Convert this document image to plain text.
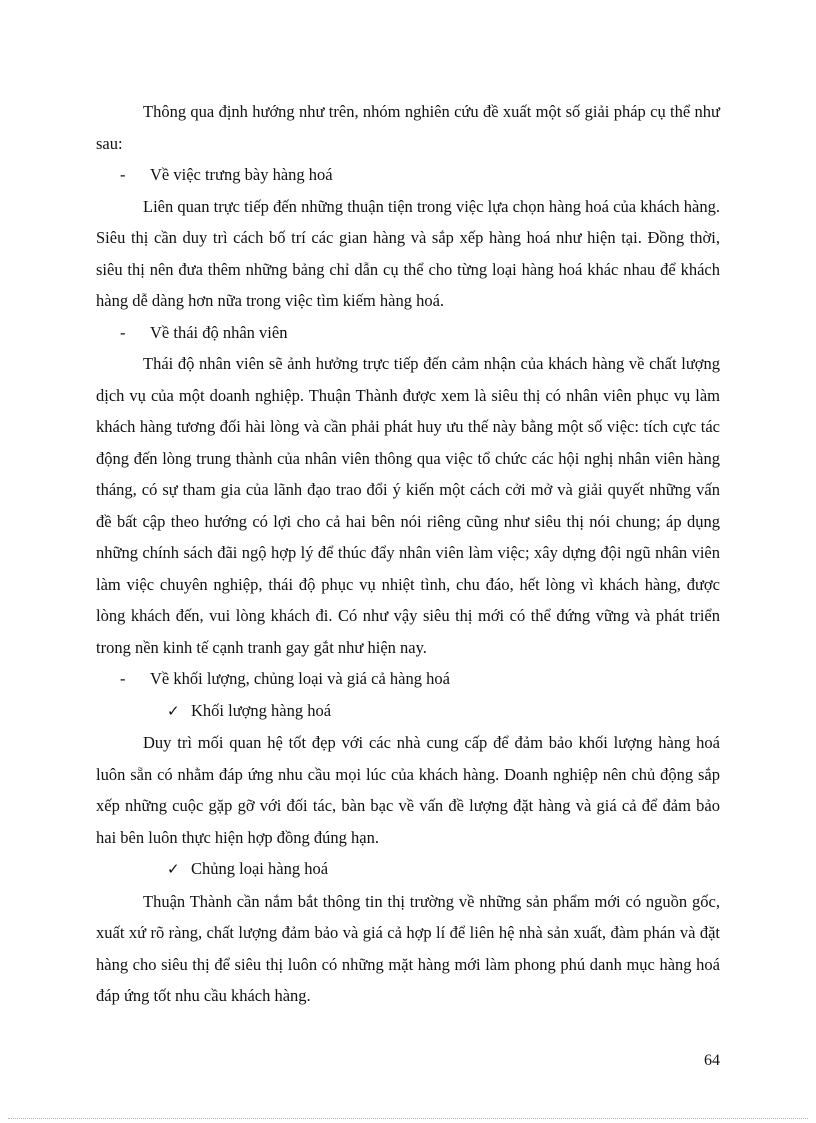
Thông qua định hướng như trên, nhóm nghiên cứu đề xuất một số giải pháp cụ thể như sau:

- Về việc trưng bày hàng hoá

Liên quan trực tiếp đến những thuận tiện trong việc lựa chọn hàng hoá của khách hàng. Siêu thị cần duy trì cách bố trí các gian hàng và sắp xếp hàng hoá như hiện tại. Đồng thời, siêu thị nên đưa thêm những bảng chỉ dẫn cụ thể cho từng loại hàng hoá khác nhau để khách hàng dễ dàng hơn nữa trong việc tìm kiếm hàng hoá.

- Về thái độ nhân viên

Thái độ nhân viên sẽ ảnh hưởng trực tiếp đến cảm nhận của khách hàng về chất lượng dịch vụ của một doanh nghiệp. Thuận Thành được xem là siêu thị có nhân viên phục vụ làm khách hàng tương đối hài lòng và cần phải phát huy ưu thế này bằng một số việc: tích cực tác động đến lòng trung thành của nhân viên thông qua việc tổ chức các hội nghị nhân viên hàng tháng, có sự tham gia của lãnh đạo trao đổi ý kiến một cách cởi mở và giải quyết những vấn đề bất cập theo hướng có lợi cho cả hai bên nói riêng cũng như siêu thị nói chung; áp dụng những chính sách đãi ngộ hợp lý để thúc đẩy nhân viên làm việc; xây dựng đội ngũ nhân viên làm việc chuyên nghiệp, thái độ phục vụ nhiệt tình, chu đáo, hết lòng vì khách hàng, được lòng khách đến, vui lòng khách đi. Có như vậy siêu thị mới có thể đứng vững và phát triển trong nền kinh tế cạnh tranh gay gắt như hiện nay.

- Về khối lượng, chủng loại và giá cả hàng hoá

✓ Khối lượng hàng hoá

Duy trì mối quan hệ tốt đẹp với các nhà cung cấp để đảm bảo khối lượng hàng hoá luôn sẵn có nhằm đáp ứng nhu cầu mọi lúc của khách hàng. Doanh nghiệp nên chủ động sắp xếp những cuộc gặp gỡ với đối tác, bàn bạc về vấn đề lượng đặt hàng và giá cả để đảm bảo hai bên luôn thực hiện hợp đồng đúng hạn.

✓ Chủng loại hàng hoá

Thuận Thành cần nắm bắt thông tin thị trường về những sản phẩm mới có nguồn gốc, xuất xứ rõ ràng, chất lượng đảm bảo và giá cả hợp lí để liên hệ nhà sản xuất, đàm phán và đặt hàng cho siêu thị để siêu thị luôn có những mặt hàng mới làm phong phú danh mục hàng hoá đáp ứng tốt nhu cầu khách hàng.

64
